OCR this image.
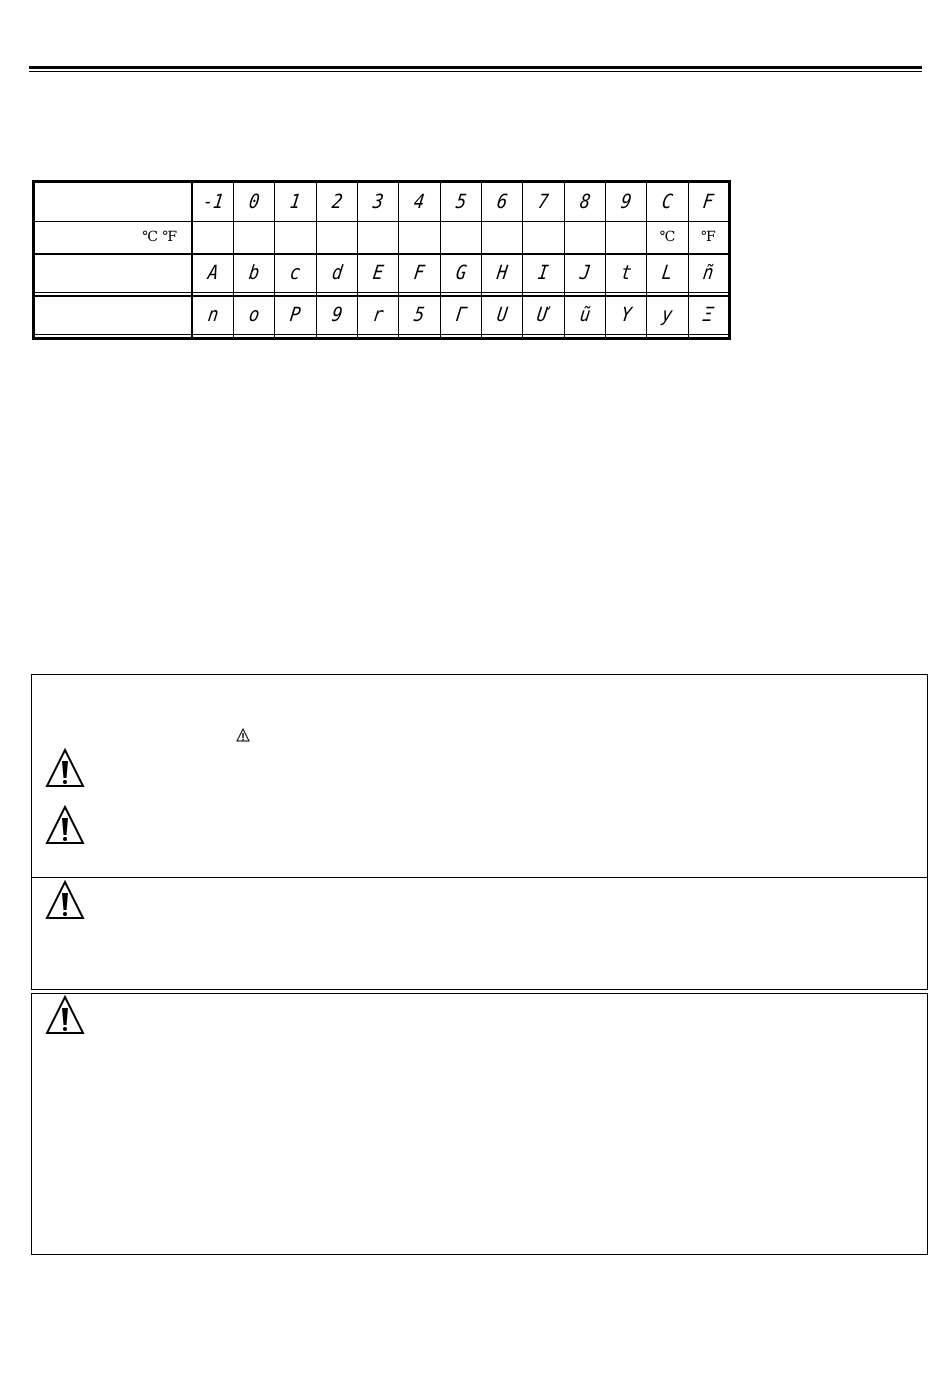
	-1	0	1	2	3	4	5	6	7	8	9	C	F
℃ ℉												℃	℉
	A	b	c	d	E	F	G	H	I	J	t	L	ñ

	n	o	P	9	r	5	Γ	U	Ư	ũ	Y	y	Ξ
